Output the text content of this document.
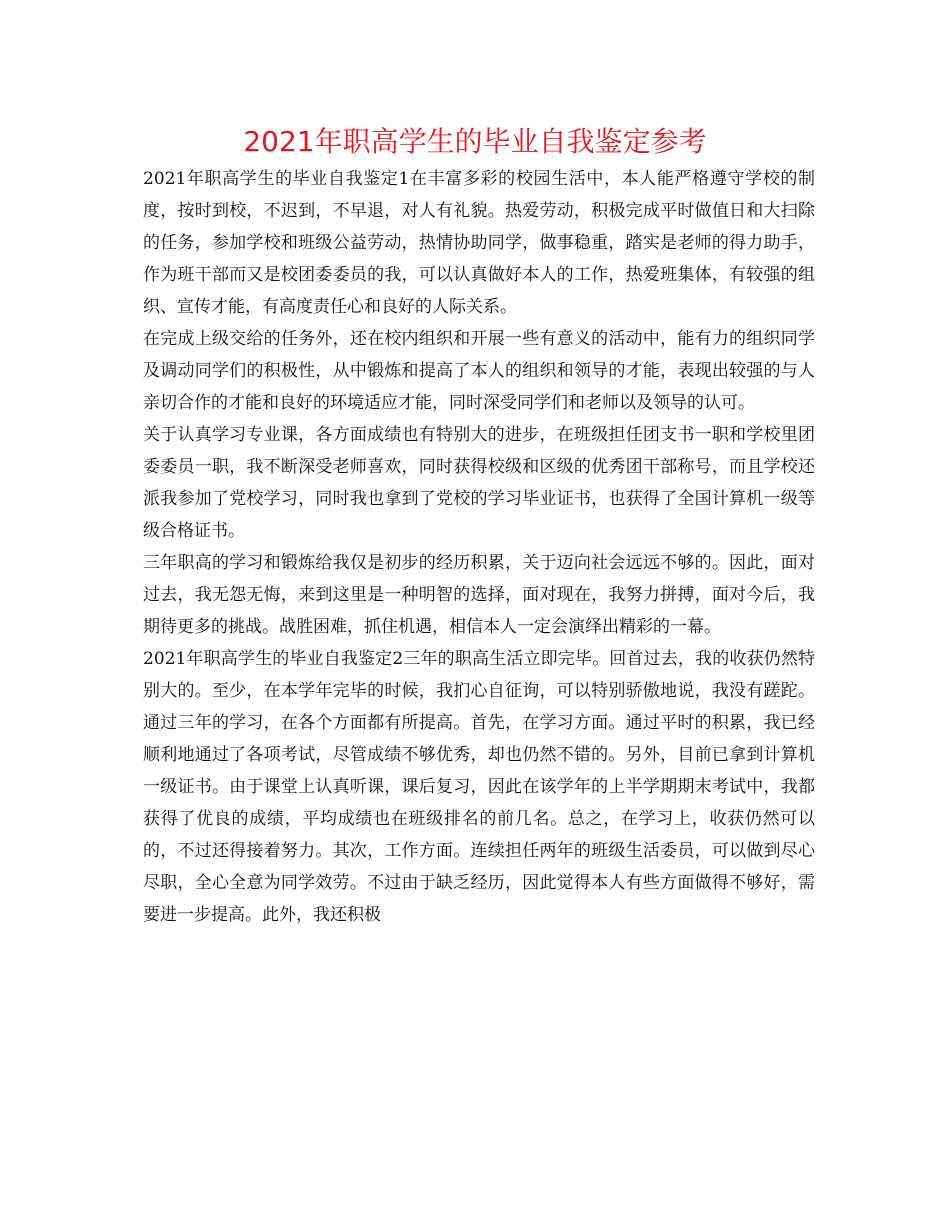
2021年职高学生的毕业自我鉴定参考

2021年职高学生的毕业自我鉴定1在丰富多彩的校园生活中，本人能严格遵守学校的制度，按时到校，不迟到，不早退，对人有礼貌。热爱劳动，积极完成平时做值日和大扫除的任务，参加学校和班级公益劳动，热情协助同学，做事稳重，踏实是老师的得力助手，作为班干部而又是校团委委员的我，可以认真做好本人的工作，热爱班集体，有较强的组织、宣传才能，有高度责任心和良好的人际关系。

在完成上级交给的任务外，还在校内组织和开展一些有意义的活动中，能有力的组织同学及调动同学们的积极性，从中锻炼和提高了本人的组织和领导的才能，表现出较强的与人亲切合作的才能和良好的环境适应才能，同时深受同学们和老师以及领导的认可。

关于认真学习专业课，各方面成绩也有特别大的进步，在班级担任团支书一职和学校里团委委员一职，我不断深受老师喜欢，同时获得校级和区级的优秀团干部称号，而且学校还派我参加了党校学习，同时我也拿到了党校的学习毕业证书，也获得了全国计算机一级等级合格证书。

三年职高的学习和锻炼给我仅是初步的经历积累，关于迈向社会远远不够的。因此，面对过去，我无怨无悔，来到这里是一种明智的选择，面对现在，我努力拼搏，面对今后，我期待更多的挑战。战胜困难，抓住机遇，相信本人一定会演绎出精彩的一幕。

2021年职高学生的毕业自我鉴定2三年的职高生活立即完毕。回首过去，我的收获仍然特别大的。至少，在本学年完毕的时候，我扪心自征询，可以特别骄傲地说，我没有蹉跎。通过三年的学习，在各个方面都有所提高。首先，在学习方面。通过平时的积累，我已经顺利地通过了各项考试，尽管成绩不够优秀，却也仍然不错的。另外，目前已拿到计算机一级证书。由于课堂上认真听课，课后复习，因此在该学年的上半学期期末考试中，我都获得了优良的成绩，平均成绩也在班级排名的前几名。总之，在学习上，收获仍然可以的，不过还得接着努力。其次，工作方面。连续担任两年的班级生活委员，可以做到尽心尽职，全心全意为同学效劳。不过由于缺乏经历，因此觉得本人有些方面做得不够好，需要进一步提高。此外，我还积极
